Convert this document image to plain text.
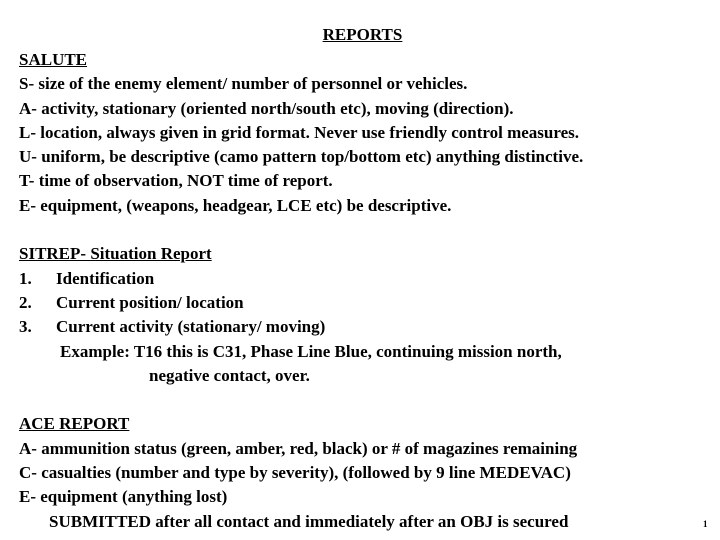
REPORTS
SALUTE
S- size of the enemy element/ number of personnel or vehicles.
A- activity, stationary (oriented north/south etc), moving (direction).
L- location, always given in grid format. Never use friendly control measures.
U- uniform, be descriptive (camo pattern top/bottom etc) anything distinctive.
T- time of observation, NOT time of report.
E- equipment, (weapons, headgear, LCE etc) be descriptive.
SITREP- Situation Report
1. Identification
2. Current position/ location
3. Current activity (stationary/ moving)
Example: T16 this is C31, Phase Line Blue, continuing mission north,
negative contact, over.
ACE REPORT
A- ammunition status (green, amber, red, black) or # of magazines remaining
C- casualties (number and type by severity), (followed by 9 line MEDEVAC)
E- equipment (anything lost)
SUBMITTED after all contact and immediately after an OBJ is secured	1
